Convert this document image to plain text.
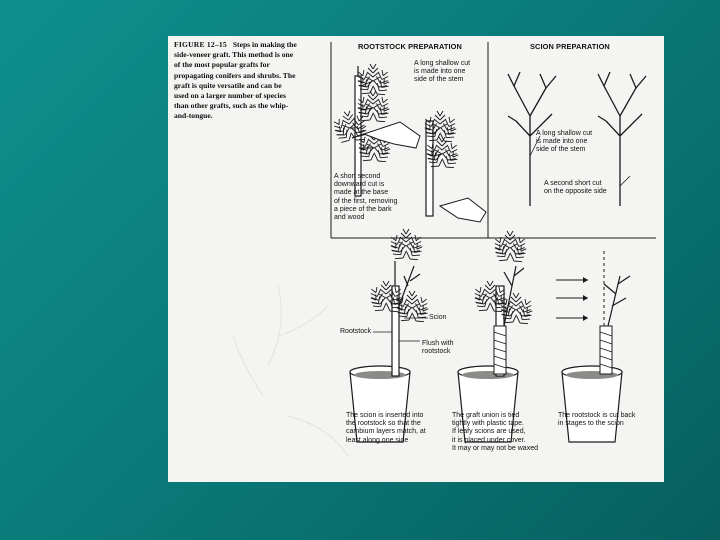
FIGURE 12–15 Steps in making the side-veneer graft. This method is one of the most popular grafts for propagating conifers and shrubs. The graft is quite versatile and can be used on a larger number of species than other grafts, such as the whip-and-tongue.
ROOTSTOCK PREPARATION	SCION PREPARATION
A long shallow cut
is made into one
side of the stem
A short second
downward cut is
made at the base
of the first, removing
a piece of the bark
and wood
A long shallow cut
is made into one
side of the stem
A second short cut
on the opposite side
Scion
Rootstock
Flush with
rootstock
The scion is inserted into
the rootstock so that the
cambium layers match, at
least along one side
The graft union is tied
tightly with plastic tape.
If leafy scions are used,
it is placed under cover.
It may or may not be waxed
The rootstock is cut back
in stages to the scion
